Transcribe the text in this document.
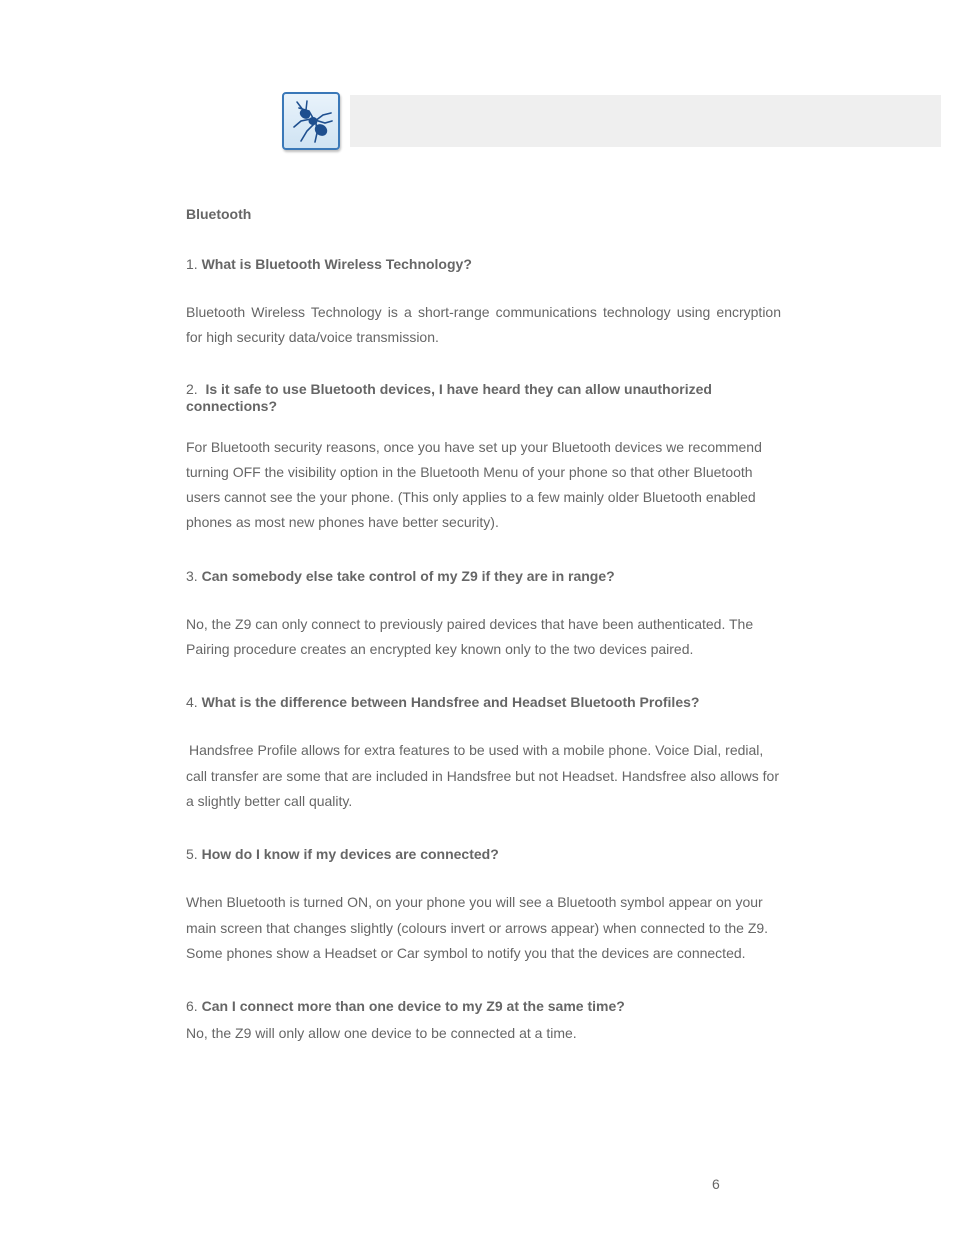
Bluetooth

1. What is Bluetooth Wireless Technology?

Bluetooth Wireless Technology is a short-range communications technology using encryption for high security data/voice transmission.

2. Is it safe to use Bluetooth devices, I have heard they can allow unauthorized connections?

For Bluetooth security reasons, once you have set up your Bluetooth devices we recommend turning OFF the visibility option in the Bluetooth Menu of your phone so that other Bluetooth users cannot see the your phone. (This only applies to a few mainly older Bluetooth enabled phones as most new phones have better security).

3. Can somebody else take control of my Z9 if they are in range?

No, the Z9 can only connect to previously paired devices that have been authenticated. The Pairing procedure creates an encrypted key known only to the two devices paired.

4. What is the difference between Handsfree and Headset Bluetooth Profiles?

Handsfree Profile allows for extra features to be used with a mobile phone. Voice Dial, redial, call transfer are some that are included in Handsfree but not Headset. Handsfree also allows for a slightly better call quality.

5. How do I know if my devices are connected?

When Bluetooth is turned ON, on your phone you will see a Bluetooth symbol appear on your main screen that changes slightly (colours invert or arrows appear) when connected to the Z9. Some phones show a Headset or Car symbol to notify you that the devices are connected.

6. Can I connect more than one device to my Z9 at the same time?

No, the Z9 will only allow one device to be connected at a time.

6
